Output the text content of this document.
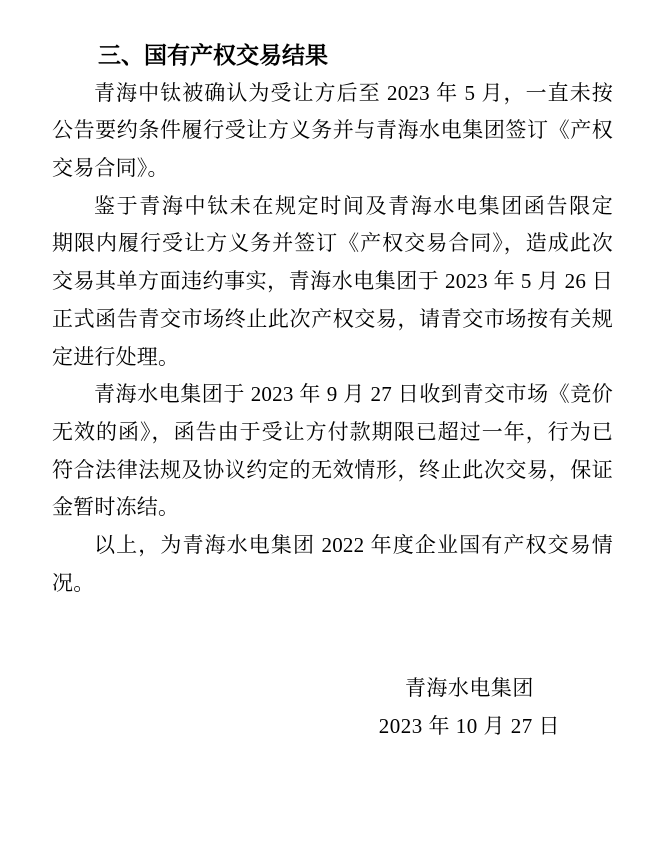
三、国有产权交易结果
青海中钛被确认为受让方后至 2023 年 5 月，一直未按
公告要约条件履行受让方义务并与青海水电集团签订《产权
交易合同》。
鉴于青海中钛未在规定时间及青海水电集团函告限定
期限内履行受让方义务并签订《产权交易合同》，造成此次
交易其单方面违约事实，青海水电集团于 2023 年 5 月 26 日
正式函告青交市场终止此次产权交易，请青交市场按有关规
定进行处理。
青海水电集团于 2023 年 9 月 27 日收到青交市场《竞价
无效的函》，函告由于受让方付款期限已超过一年，行为已
符合法律法规及协议约定的无效情形，终止此次交易，保证
金暂时冻结。
以上，为青海水电集团 2022 年度企业国有产权交易情
况。
青海水电集团
2023 年 10 月 27 日
